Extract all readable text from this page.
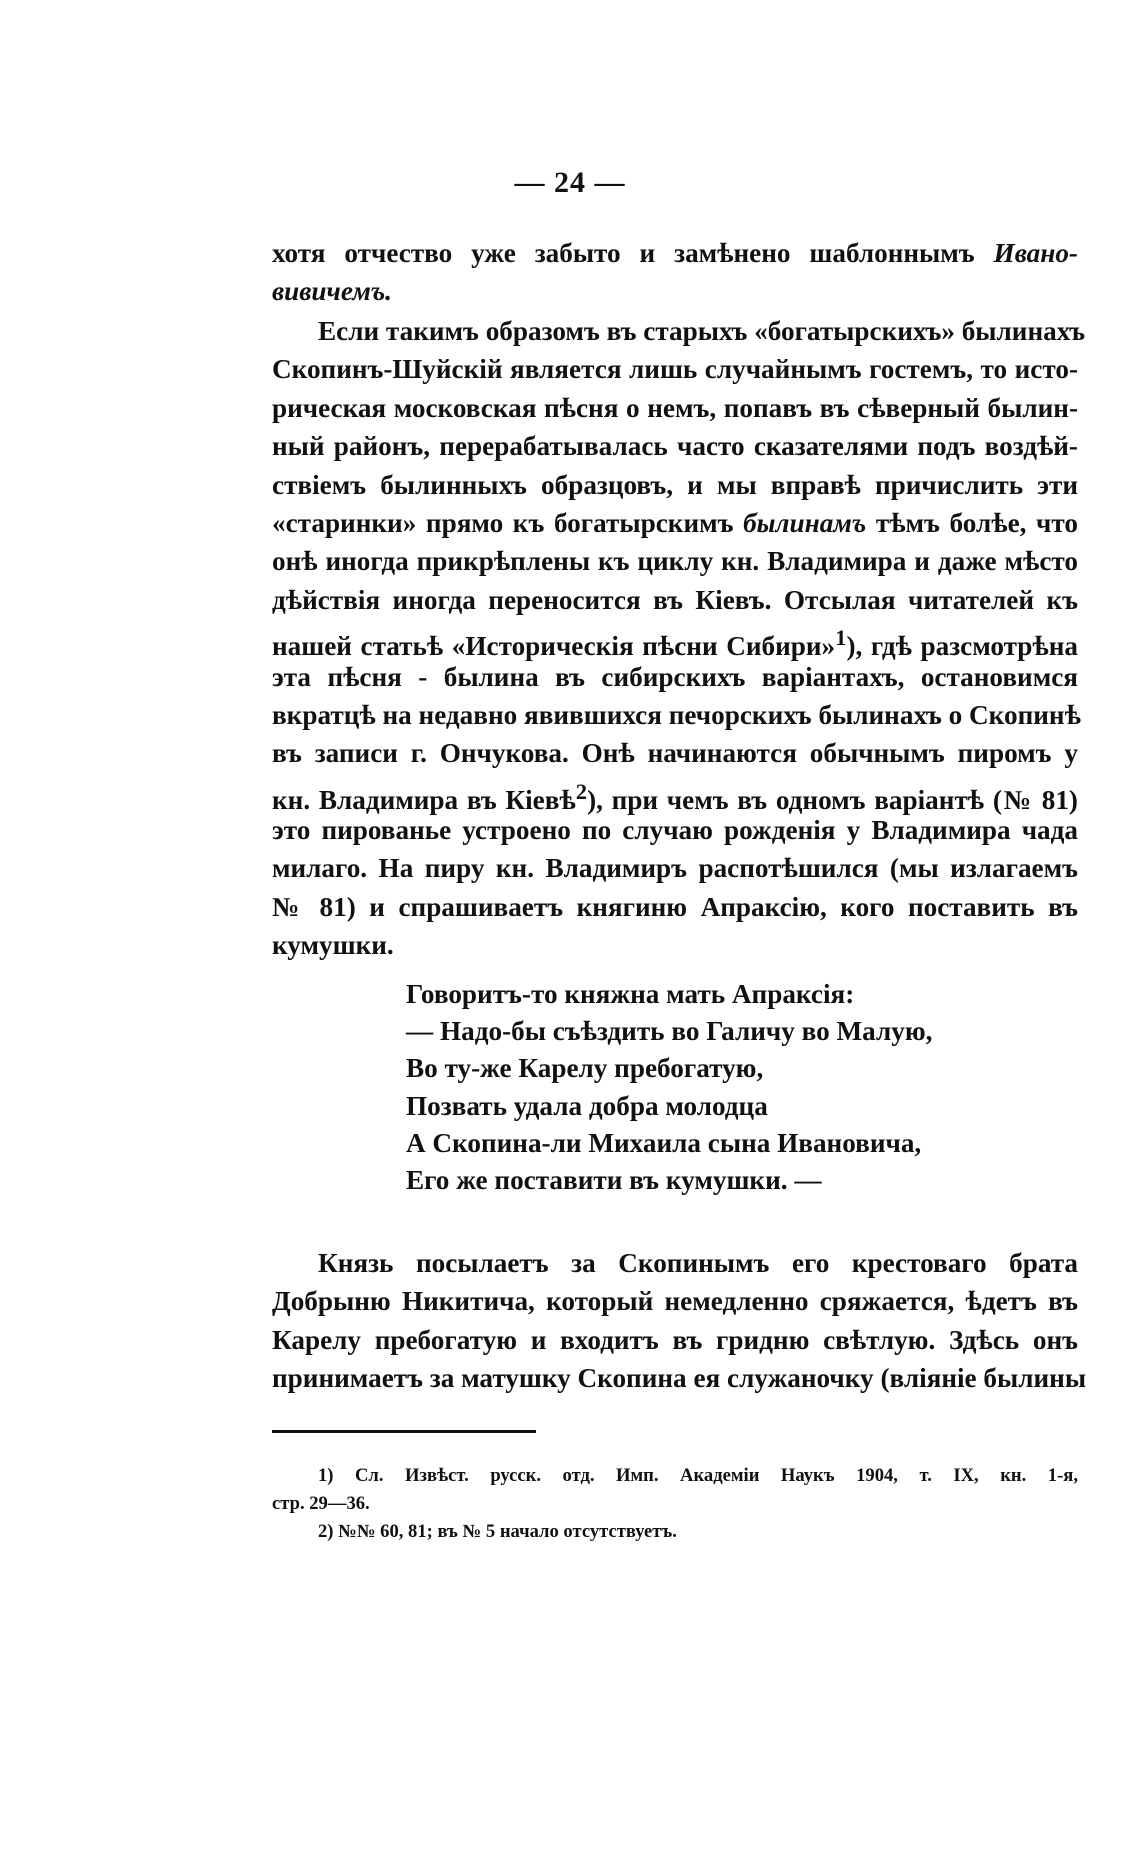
— 24 —
хотя отчество уже забыто и замѣнено шаблоннымъ Ивано-
вивичемъ.
Если такимъ образомъ въ старыхъ «богатырскихъ» былинахъ
Скопинъ-Шуйскій является лишь случайнымъ гостемъ, то исто-
рическая московская пѣсня о немъ, попавъ въ сѣверный былин-
ный районъ, перерабатывалась часто сказателями подъ воздѣй-
ствіемъ былинныхъ образцовъ, и мы вправѣ причислить эти
«старинки» прямо къ богатырскимъ былинамъ тѣмъ болѣе, что
онѣ иногда прикрѣплены къ циклу кн. Владимира и даже мѣсто
дѣйствія иногда переносится въ Кіевъ. Отсылая читателей къ
нашей статьѣ «Историческія пѣсни Сибири»$^1$), гдѣ разсмотрѣна
эта пѣсня - былина въ сибирскихъ варіантахъ, остановимся
вкратцѣ на недавно явившихся печорскихъ былинахъ о Скопинѣ
въ записи г. Ончукова. Онѣ начинаются обычнымъ пиромъ у
кн. Владимира въ Кіевѣ$^2$), при чемъ въ одномъ варіантѣ (№ 81)
это пированье устроено по случаю рожденія у Владимира чада
милаго. На пиру кн. Владимиръ распотѣшился (мы излагаемъ
№ 81) и спрашиваетъ княгиню Апраксію, кого поставить въ
кумушки.
Говоритъ-то княжна мать Апраксія:
— Надо-бы съѣздить во Галичу во Малую,
Во ту-же Карелу пребогатую,
Позвать удала добра молодца
А Скопина-ли Михаила сына Ивановича,
Его же поставити въ кумушки. —
Князь посылаетъ за Скопинымъ его крестоваго брата
Добрыню Никитича, который немедленно сряжается, ѣдетъ въ
Карелу пребогатую и входитъ въ гридню свѣтлую. Здѣсь онъ
принимаетъ за матушку Скопина ея служаночку (вліяніе былины
1) Сл. Извѣст. русск. отд. Имп. Академіи Наукъ 1904, т. IX, кн. 1-я,
стр. 29—36.
2) №№ 60, 81; въ № 5 начало отсутствуетъ.
